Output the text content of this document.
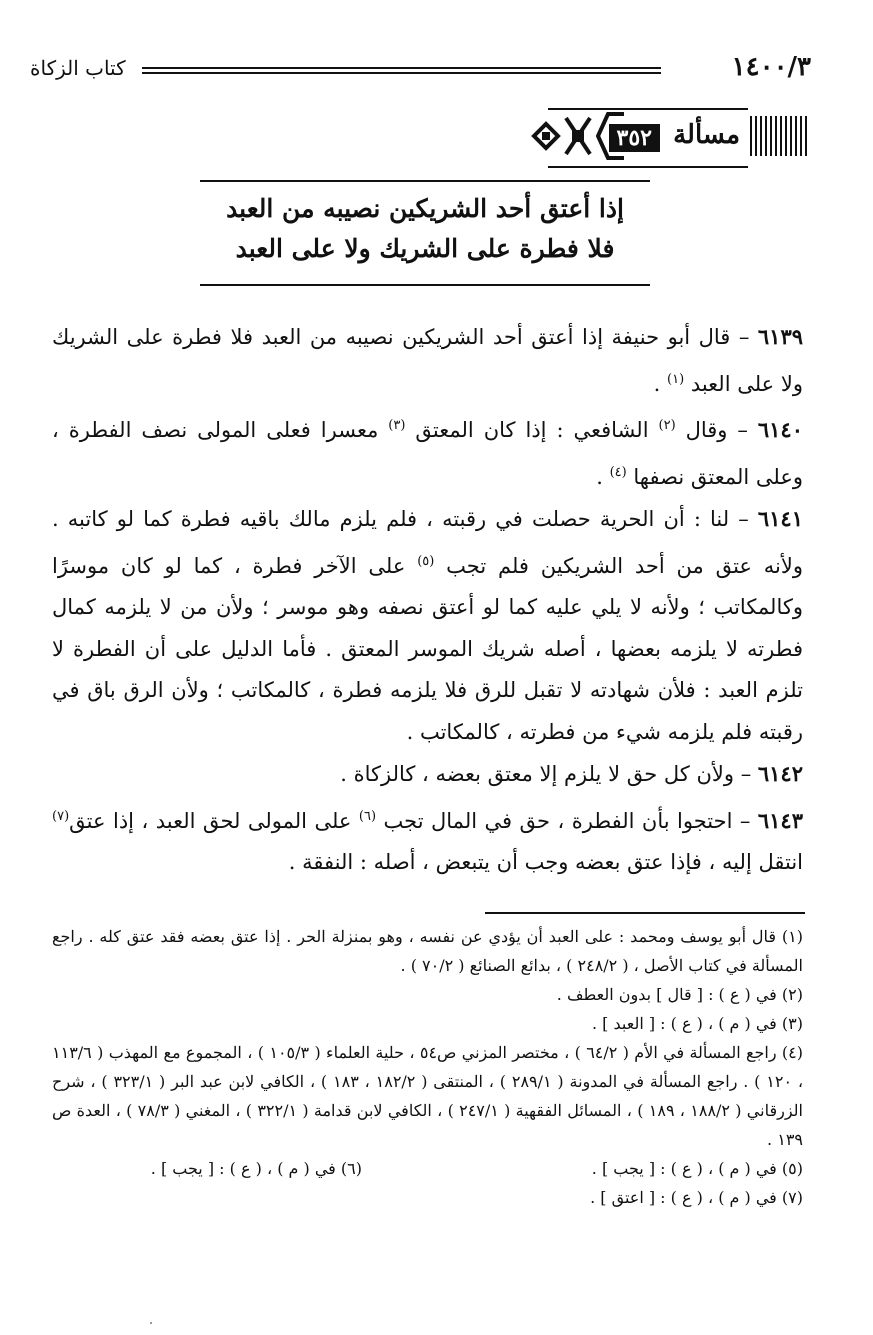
١٤٠٠/٣
كتاب الزكاة
مسألة
٣٥٢
إذا أعتق أحد الشريكين نصيبه من العبد
فلا فطرة على الشريك ولا على العبد

٦١٣٩ – قال أبو حنيفة إذا أعتق أحد الشريكين نصيبه من العبد فلا فطرة على الشريك ولا على العبد $^{(١)}$ .

٦١٤٠ – وقال $^{(٢)}$ الشافعي : إذا كان المعتق $^{(٣)}$ معسرا فعلى المولى نصف الفطرة ، وعلى المعتق نصفها $^{(٤)}$ .

٦١٤١ – لنا : أن الحرية حصلت في رقبته ، فلم يلزم مالك باقيه فطرة كما لو كاتبه . ولأنه عتق من أحد الشريكين فلم تجب $^{(٥)}$ على الآخر فطرة ، كما لو كان موسرًا وكالمكاتب ؛ ولأنه لا يلي عليه كما لو أعتق نصفه وهو موسر ؛ ولأن من لا يلزمه كمال فطرته لا يلزمه بعضها ، أصله شريك الموسر المعتق . فأما الدليل على أن الفطرة لا تلزم العبد : فلأن شهادته لا تقبل للرق فلا يلزمه فطرة ، كالمكاتب ؛ ولأن الرق باق في رقبته فلم يلزمه شيء من فطرته ، كالمكاتب .

٦١٤٢ – ولأن كل حق لا يلزم إلا معتق بعضه ، كالزكاة .

٦١٤٣ – احتجوا بأن الفطرة ، حق في المال تجب $^{(٦)}$ على المولى لحق العبد ، إذا عتق$^{(٧)}$ انتقل إليه ، فإذا عتق بعضه وجب أن يتبعض ، أصله : النفقة .

(١) قال أبو يوسف ومحمد : على العبد أن يؤدي عن نفسه ، وهو بمنزلة الحر . إذا عتق بعضه فقد عتق كله . راجع المسألة في كتاب الأصل ، ( ٢٤٨/٢ ) ، بدائع الصنائع ( ٧٠/٢ ) .

(٢) في ( ع ) : [ قال ] بدون العطف .

(٣) في ( م ) ، ( ع ) : [ العبد ] .

(٤) راجع المسألة في الأم ( ٦٤/٢ ) ، مختصر المزني ص٥٤ ، حلية العلماء ( ١٠٥/٣ ) ، المجموع مع المهذب ( ١١٣/٦ ، ١٢٠ ) . راجع المسألة في المدونة ( ٢٨٩/١ ) ، المنتقى ( ١٨٢/٢ ، ١٨٣ ) ، الكافي لابن عبد البر ( ٣٢٣/١ ) ، شرح الزرقاني ( ١٨٨/٢ ، ١٨٩ ) ، المسائل الفقهية ( ٢٤٧/١ ) ، الكافي لابن قدامة ( ٣٢٢/١ ) ، المغني ( ٧٨/٣ ) ، العدة ص ١٣٩ .

(٥) في ( م ) ، ( ع ) : [ يجب ] .
(٦) في ( م ) ، ( ع ) : [ يجب ] .

(٧) في ( م ) ، ( ع ) : [ اعتق ] .
